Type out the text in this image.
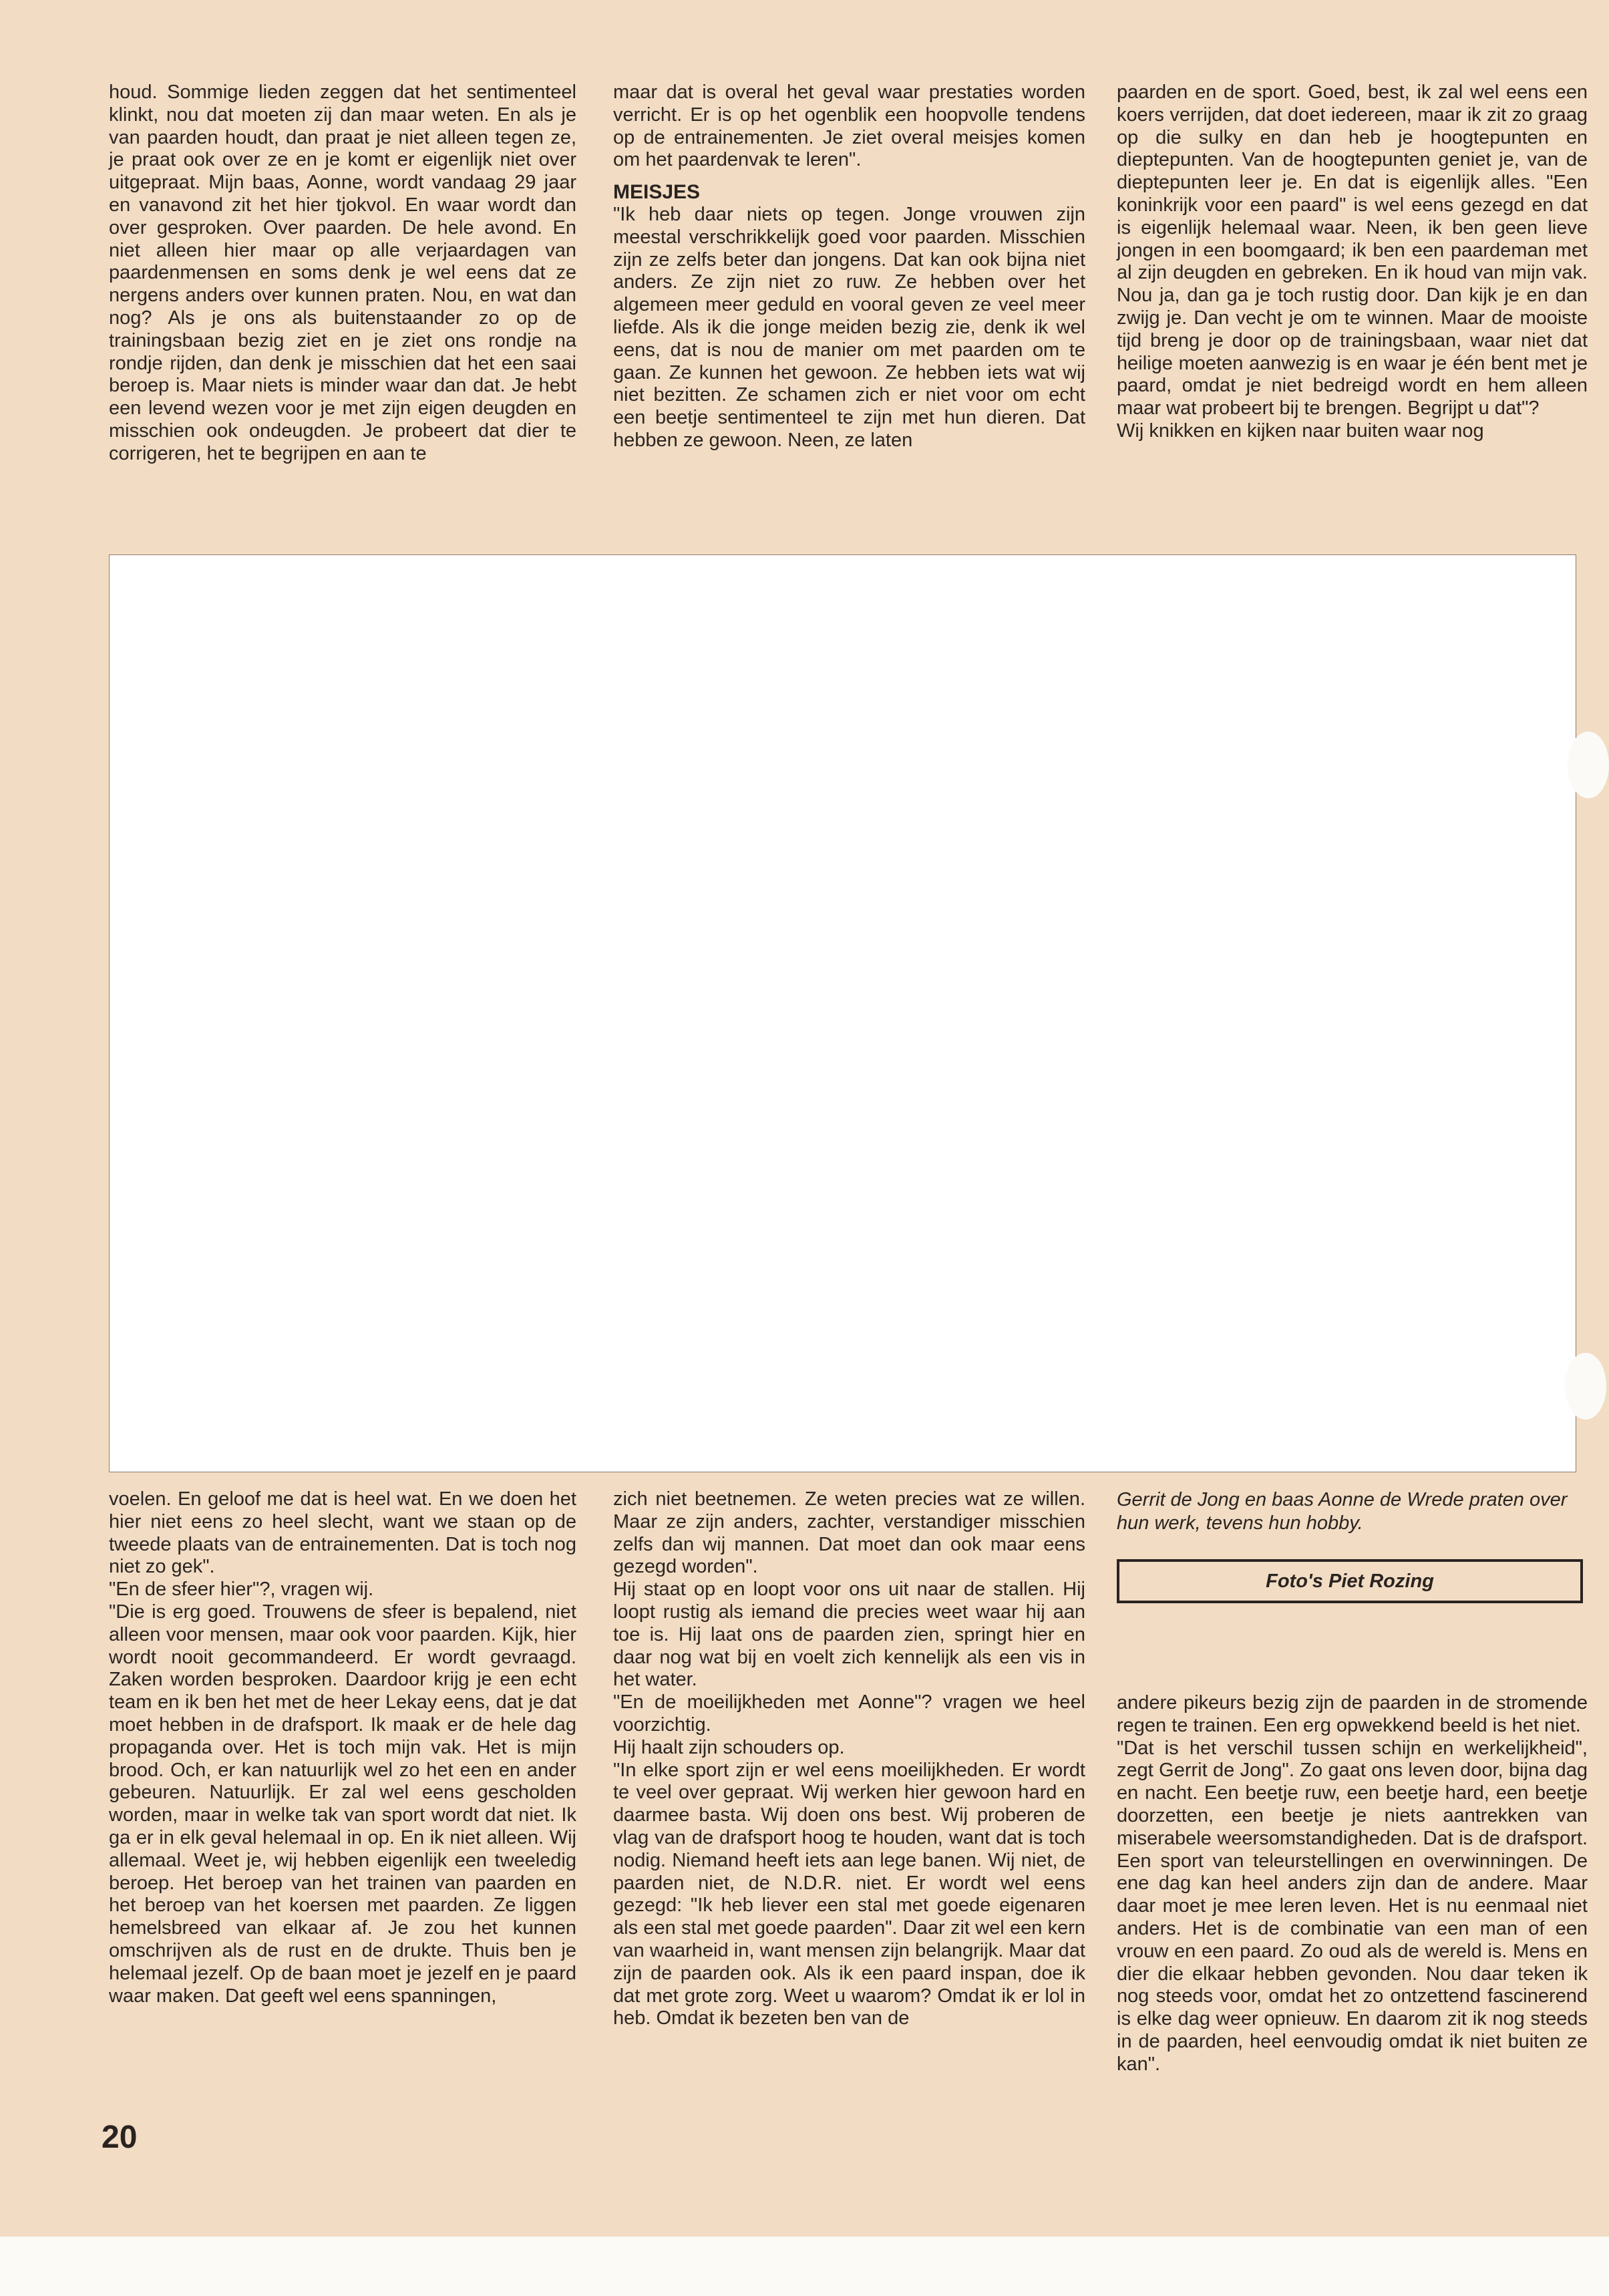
houd. Sommige lieden zeggen dat het sentimenteel klinkt, nou dat moeten zij dan maar weten. En als je van paarden houdt, dan praat je niet alleen tegen ze, je praat ook over ze en je komt er eigenlijk niet over uitgepraat. Mijn baas, Aonne, wordt vandaag 29 jaar en vanavond zit het hier tjokvol. En waar wordt dan over gesproken. Over paarden. De hele avond. En niet alleen hier maar op alle verjaardagen van paardenmensen en soms denk je wel eens dat ze nergens anders over kunnen praten. Nou, en wat dan nog? Als je ons als buitenstaander zo op de trainingsbaan bezig ziet en je ziet ons rondje na rondje rijden, dan denk je misschien dat het een saai beroep is. Maar niets is minder waar dan dat. Je hebt een levend wezen voor je met zijn eigen deugden en misschien ook ondeugden. Je probeert dat dier te corrigeren, het te begrijpen en aan te

maar dat is overal het geval waar prestaties worden verricht. Er is op het ogenblik een hoopvolle tendens op de entrainementen. Je ziet overal meisjes komen om het paardenvak te leren".

MEISJES

"Ik heb daar niets op tegen. Jonge vrouwen zijn meestal verschrikkelijk goed voor paarden. Misschien zijn ze zelfs beter dan jongens. Dat kan ook bijna niet anders. Ze zijn niet zo ruw. Ze hebben over het algemeen meer geduld en vooral geven ze veel meer liefde. Als ik die jonge meiden bezig zie, denk ik wel eens, dat is nou de manier om met paarden om te gaan. Ze kunnen het gewoon. Ze hebben iets wat wij niet bezitten. Ze schamen zich er niet voor om echt een beetje sentimenteel te zijn met hun dieren. Dat hebben ze gewoon. Neen, ze laten

paarden en de sport. Goed, best, ik zal wel eens een koers verrijden, dat doet iedereen, maar ik zit zo graag op die sulky en dan heb je hoogtepunten en dieptepunten. Van de hoogtepunten geniet je, van de dieptepunten leer je. En dat is eigenlijk alles. "Een koninkrijk voor een paard" is wel eens gezegd en dat is eigenlijk helemaal waar. Neen, ik ben geen lieve jongen in een boomgaard; ik ben een paardeman met al zijn deugden en gebreken. En ik houd van mijn vak. Nou ja, dan ga je toch rustig door. Dan kijk je en dan zwijg je. Dan vecht je om te winnen. Maar de mooiste tijd breng je door op de trainingsbaan, waar niet dat heilige moeten aanwezig is en waar je één bent met je paard, omdat je niet bedreigd wordt en hem alleen maar wat probeert bij te brengen. Begrijpt u dat"?

Wij knikken en kijken naar buiten waar nog

voelen. En geloof me dat is heel wat. En we doen het hier niet eens zo heel slecht, want we staan op de tweede plaats van de entrainementen. Dat is toch nog niet zo gek".

"En de sfeer hier"?, vragen wij.

"Die is erg goed. Trouwens de sfeer is bepalend, niet alleen voor mensen, maar ook voor paarden. Kijk, hier wordt nooit gecommandeerd. Er wordt gevraagd. Zaken worden besproken. Daardoor krijg je een echt team en ik ben het met de heer Lekay eens, dat je dat moet hebben in de drafsport. Ik maak er de hele dag propaganda over. Het is toch mijn vak. Het is mijn brood. Och, er kan natuurlijk wel zo het een en ander gebeuren. Natuurlijk. Er zal wel eens gescholden worden, maar in welke tak van sport wordt dat niet. Ik ga er in elk geval helemaal in op. En ik niet alleen. Wij allemaal. Weet je, wij hebben eigenlijk een tweeledig beroep. Het beroep van het trainen van paarden en het beroep van het koersen met paarden. Ze liggen hemelsbreed van elkaar af. Je zou het kunnen omschrijven als de rust en de drukte. Thuis ben je helemaal jezelf. Op de baan moet je jezelf en je paard waar maken. Dat geeft wel eens spanningen,

zich niet beetnemen. Ze weten precies wat ze willen. Maar ze zijn anders, zachter, verstandiger misschien zelfs dan wij mannen. Dat moet dan ook maar eens gezegd worden".

Hij staat op en loopt voor ons uit naar de stallen. Hij loopt rustig als iemand die precies weet waar hij aan toe is. Hij laat ons de paarden zien, springt hier en daar nog wat bij en voelt zich kennelijk als een vis in het water.

"En de moeilijkheden met Aonne"? vragen we heel voorzichtig.

Hij haalt zijn schouders op.

"In elke sport zijn er wel eens moeilijkheden. Er wordt te veel over gepraat. Wij werken hier gewoon hard en daarmee basta. Wij doen ons best. Wij proberen de vlag van de drafsport hoog te houden, want dat is toch nodig. Niemand heeft iets aan lege banen. Wij niet, de paarden niet, de N.D.R. niet. Er wordt wel eens gezegd: "Ik heb liever een stal met goede eigenaren als een stal met goede paarden". Daar zit wel een kern van waarheid in, want mensen zijn belangrijk. Maar dat zijn de paarden ook. Als ik een paard inspan, doe ik dat met grote zorg. Weet u waarom? Omdat ik er lol in heb. Omdat ik bezeten ben van de

Gerrit de Jong en baas Aonne de Wrede praten over hun werk, tevens hun hobby.
Foto's Piet Rozing

andere pikeurs bezig zijn de paarden in de stromende regen te trainen. Een erg opwekkend beeld is het niet.

"Dat is het verschil tussen schijn en werkelijkheid", zegt Gerrit de Jong". Zo gaat ons leven door, bijna dag en nacht. Een beetje ruw, een beetje hard, een beetje doorzetten, een beetje je niets aantrekken van miserabele weersomstandigheden. Dat is de drafsport. Een sport van teleurstellingen en overwinningen. De ene dag kan heel anders zijn dan de andere. Maar daar moet je mee leren leven. Het is nu eenmaal niet anders. Het is de combinatie van een man of een vrouw en een paard. Zo oud als de wereld is. Mens en dier die elkaar hebben gevonden. Nou daar teken ik nog steeds voor, omdat het zo ontzettend fascinerend is elke dag weer opnieuw. En daarom zit ik nog steeds in de paarden, heel eenvoudig omdat ik niet buiten ze kan".

20
